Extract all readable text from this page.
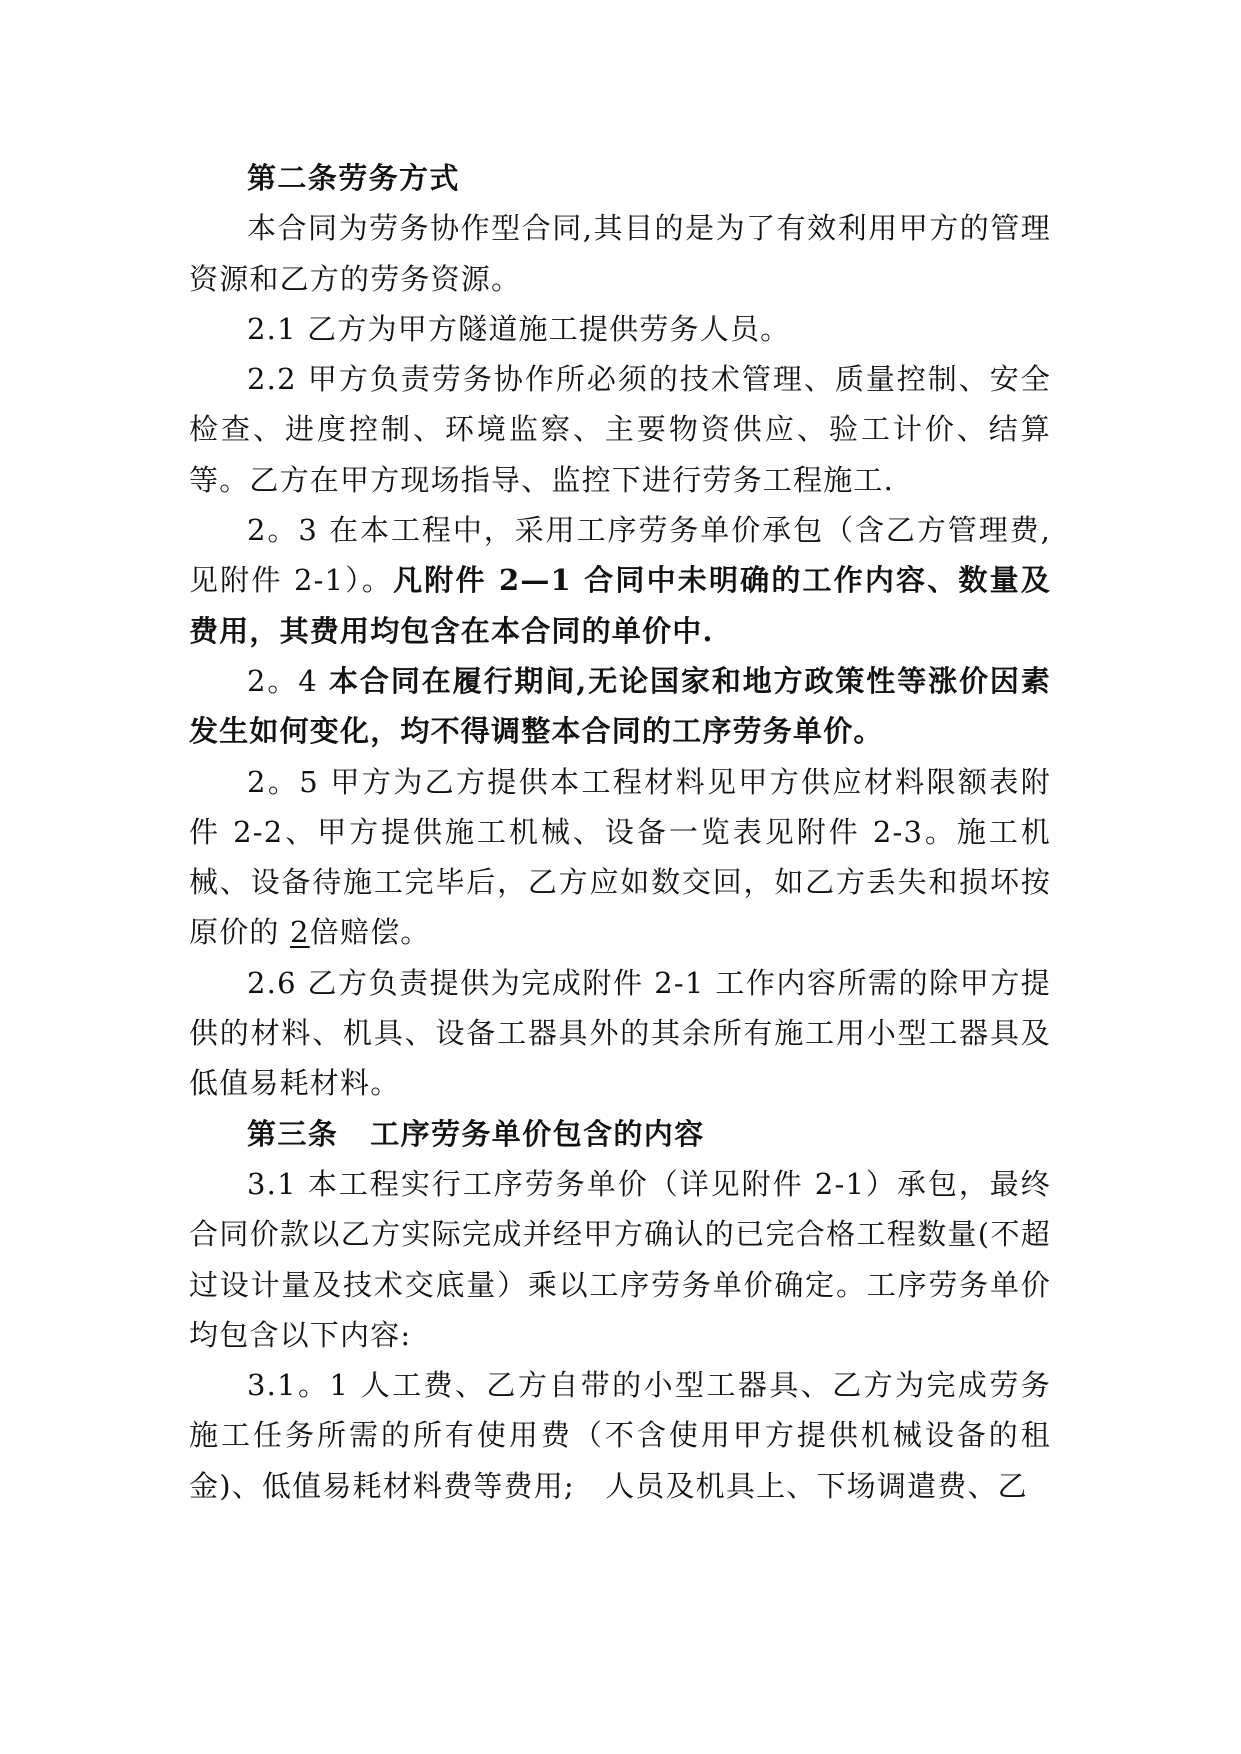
第二条劳务方式

本合同为劳务协作型合同,其目的是为了有效利用甲方的管理资源和乙方的劳务资源。

2.1 乙方为甲方隧道施工提供劳务人员。

2.2 甲方负责劳务协作所必须的技术管理、质量控制、安全检查、进度控制、环境监察、主要物资供应、验工计价、结算等。乙方在甲方现场指导、监控下进行劳务工程施工.

2。3 在本工程中，采用工序劳务单价承包（含乙方管理费,见附件 2-1）。凡附件 2—1 合同中未明确的工作内容、数量及费用，其费用均包含在本合同的单价中.

2。4 本合同在履行期间,无论国家和地方政策性等涨价因素发生如何变化，均不得调整本合同的工序劳务单价。

2。5 甲方为乙方提供本工程材料见甲方供应材料限额表附件 2-2、甲方提供施工机械、设备一览表见附件 2-3。施工机械、设备待施工完毕后，乙方应如数交回，如乙方丢失和损坏按原价的 2倍赔偿。

2.6 乙方负责提供为完成附件 2-1 工作内容所需的除甲方提供的材料、机具、设备工器具外的其余所有施工用小型工器具及低值易耗材料。

第三条 工序劳务单价包含的内容

3.1 本工程实行工序劳务单价（详见附件 2-1）承包，最终合同价款以乙方实际完成并经甲方确认的已完合格工程数量(不超过设计量及技术交底量）乘以工序劳务单价确定。工序劳务单价均包含以下内容:

3.1。1 人工费、乙方自带的小型工器具、乙方为完成劳务施工任务所需的所有使用费（不含使用甲方提供机械设备的租金)、低值易耗材料费等费用;　人员及机具上、下场调遣费、乙
